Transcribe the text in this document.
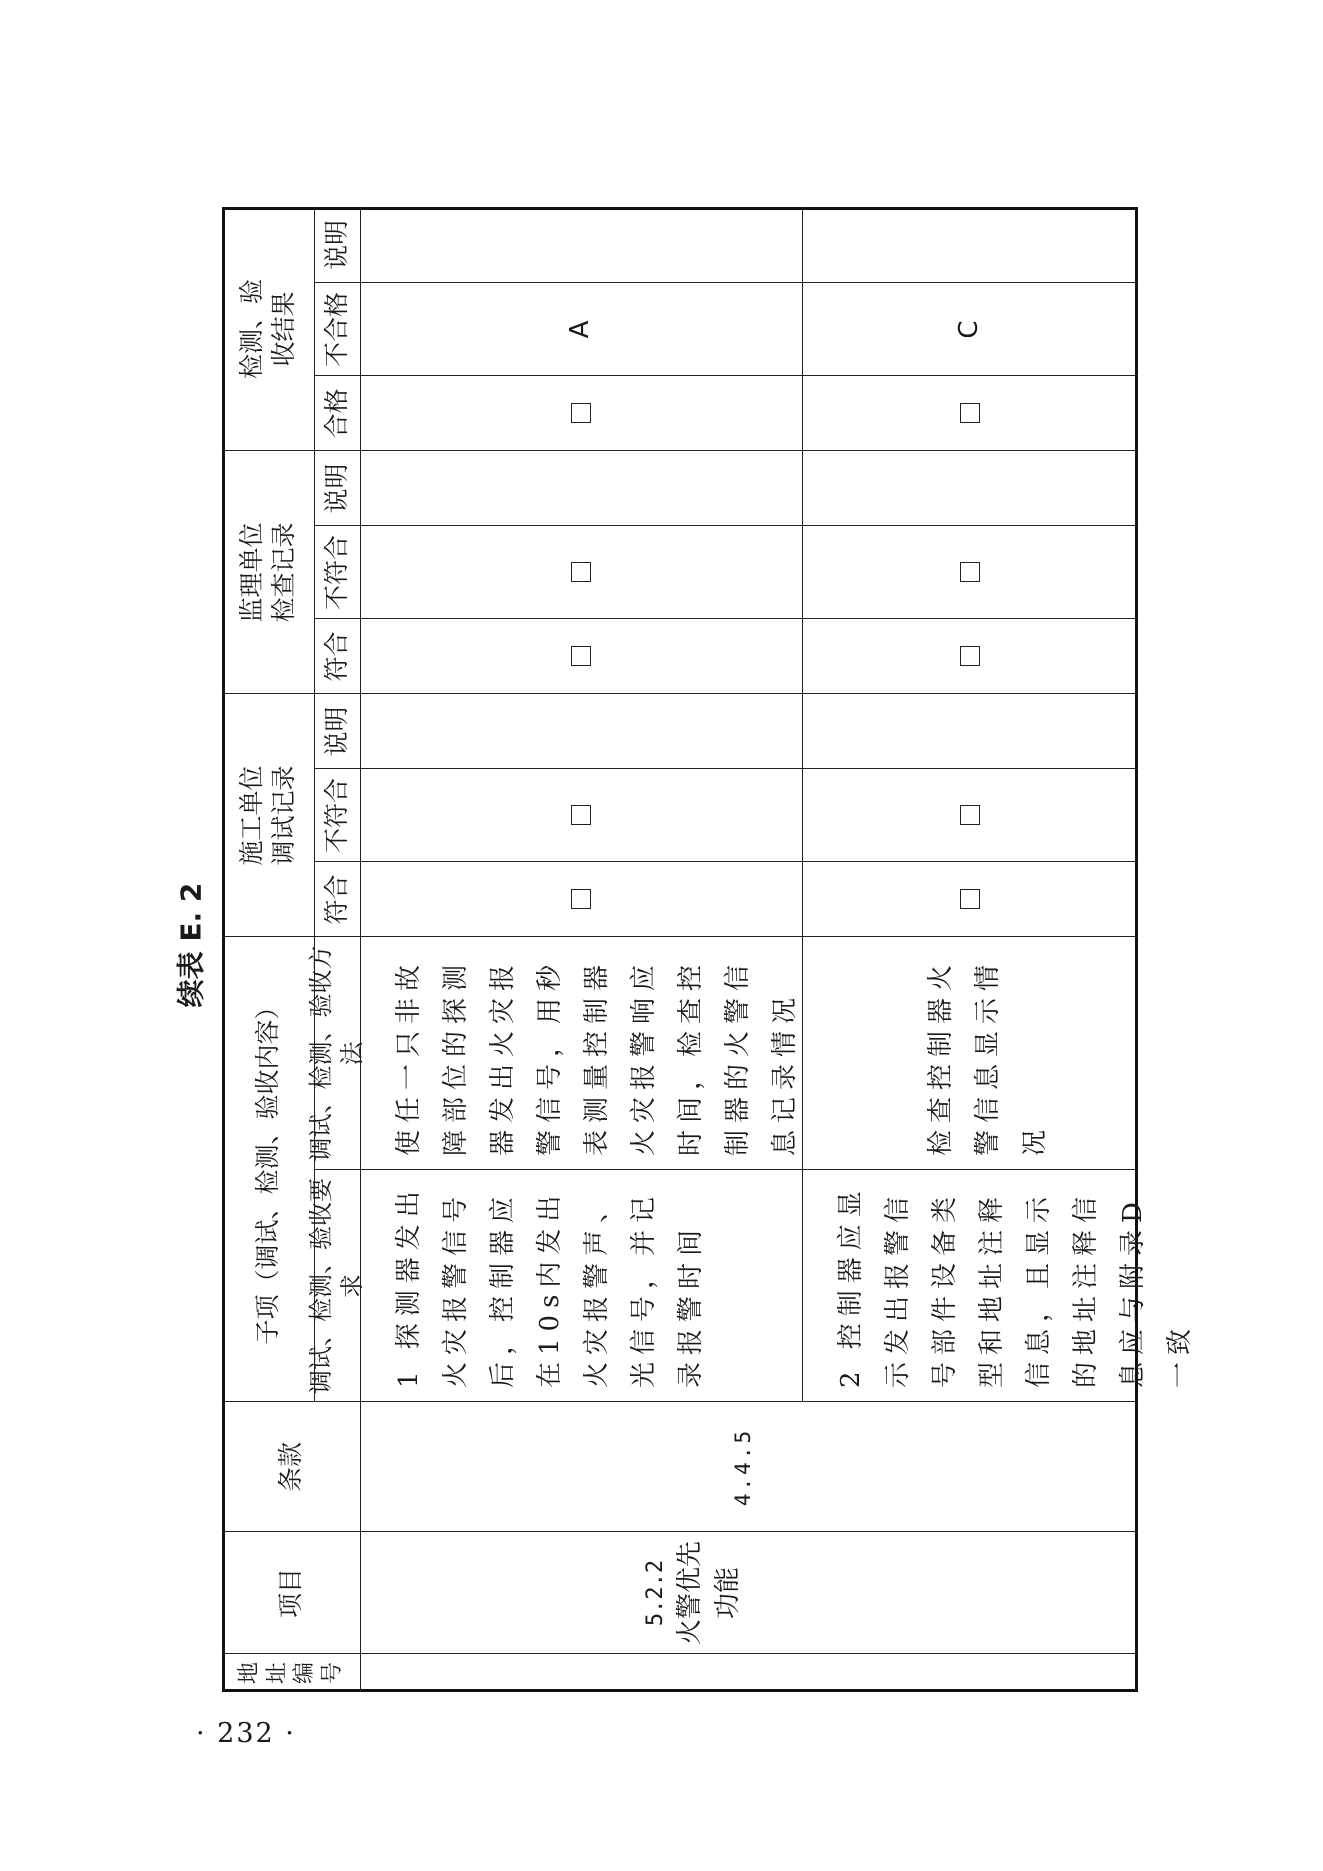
续表 E. 2
地址编号
项目
条款
子项（调试、检测、验收内容）	调试、检测、验收要求
调试、检测、验收方法
施工单位调试记录
符合
不符合
说明
监理单位检查记录
符合
不符合
说明
检测、验收结果
合格
不合格
说明
5.2.2 火警优先功能
4.4.5
1 探测器发出火灾报警信号后，控制器应在10s内发出火灾报警声、光信号，并记录报警时间
使任一只非故障部位的探测器发出火灾报警信号，用秒表测量控制器火灾报警响应时间，检查控制器的火警信息记录情况
A
2 控制器应显示发出报警信号部件设备类型和地址注释信息，且显示的地址注释信息应与附录D一致
检查控制器火警信息显示情况
C
· 232 ·
